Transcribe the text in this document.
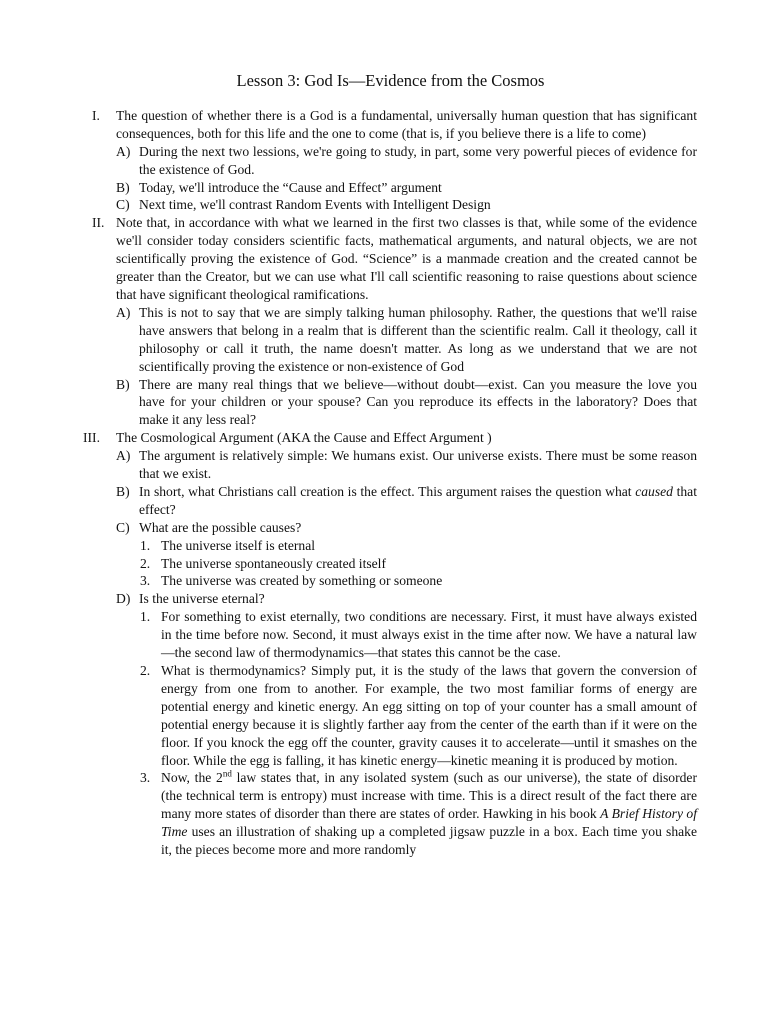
Lesson 3: God Is—Evidence from the Cosmos
I. The question of whether there is a God is a fundamental, universally human question that has significant consequences, both for this life and the one to come (that is, if you believe there is a life to come)
A) During the next two lessions, we're going to study, in part, some very powerful pieces of evidence for the existence of God.
B) Today, we'll introduce the “Cause and Effect” argument
C) Next time, we'll contrast Random Events with Intelligent Design
II. Note that, in accordance with what we learned in the first two classes is that, while some of the evidence we'll consider today considers scientific facts, mathematical arguments, and natural objects, we are not scientifically proving the existence of God. “Science” is a manmade creation and the created cannot be greater than the Creator, but we can use what I'll call scientific reasoning to raise questions about science that have significant theological ramifications.
A) This is not to say that we are simply talking human philosophy. Rather, the questions that we'll raise have answers that belong in a realm that is different than the scientific realm. Call it theology, call it philosophy or call it truth, the name doesn't matter. As long as we understand that we are not scientifically proving the existence or non-existence of God
B) There are many real things that we believe—without doubt—exist. Can you measure the love you have for your children or your spouse? Can you reproduce its effects in the laboratory? Does that make it any less real?
III. The Cosmological Argument (AKA the Cause and Effect Argument )
A) The argument is relatively simple: We humans exist. Our universe exists. There must be some reason that we exist.
B) In short, what Christians call creation is the effect. This argument raises the question what caused that effect?
C) What are the possible causes?
1. The universe itself is eternal
2. The universe spontaneously created itself
3. The universe was created by something or someone
D) Is the universe eternal?
1. For something to exist eternally, two conditions are necessary. First, it must have always existed in the time before now. Second, it must always exist in the time after now. We have a natural law—the second law of thermodynamics—that states this cannot be the case.
2. What is thermodynamics? Simply put, it is the study of the laws that govern the conversion of energy from one from to another. For example, the two most familiar forms of energy are potential energy and kinetic energy. An egg sitting on top of your counter has a small amount of potential energy because it is slightly farther aay from the center of the earth than if it were on the floor. If you knock the egg off the counter, gravity causes it to accelerate—until it smashes on the floor. While the egg is falling, it has kinetic energy—kinetic meaning it is produced by motion.
3. Now, the 2nd law states that, in any isolated system (such as our universe), the state of disorder (the technical term is entropy) must increase with time. This is a direct result of the fact there are many more states of disorder than there are states of order. Hawking in his book A Brief History of Time uses an illustration of shaking up a completed jigsaw puzzle in a box. Each time you shake it, the pieces become more and more randomly
